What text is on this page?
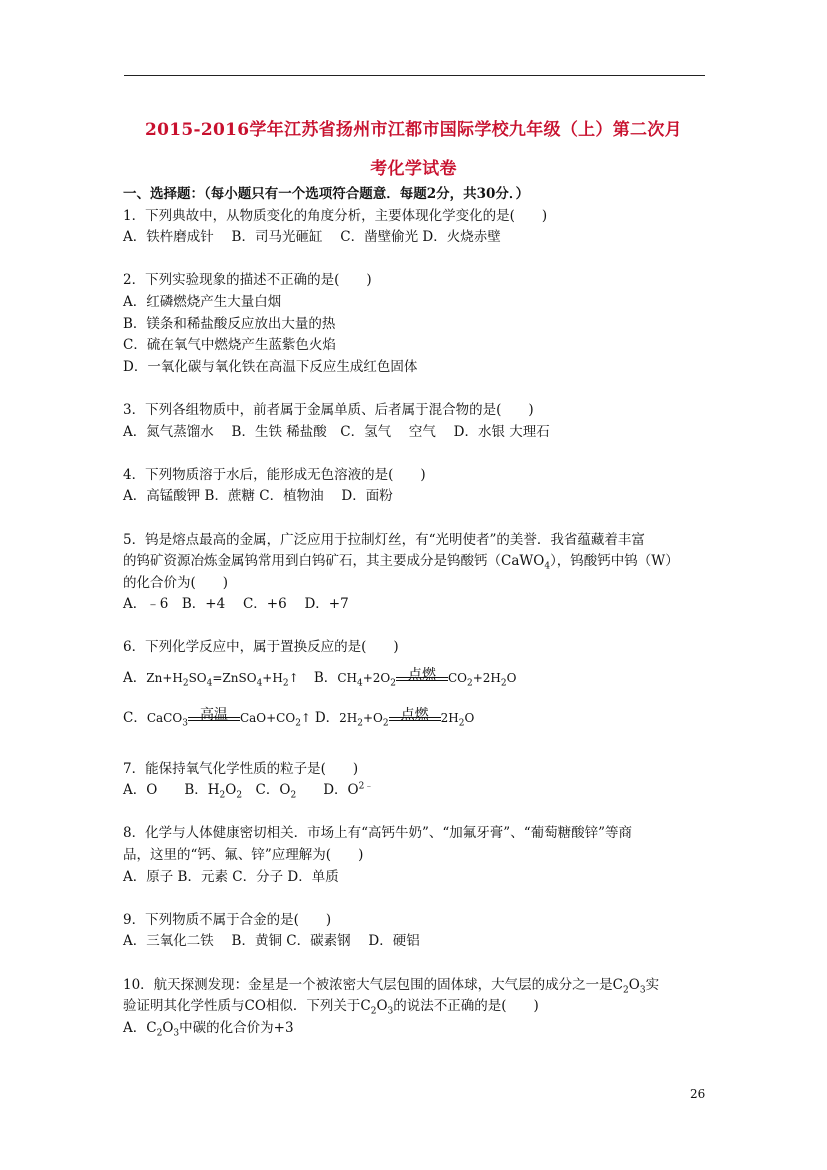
2015-2016学年江苏省扬州市江都市国际学校九年级（上）第二次月
考化学试卷
一、选择题：（每小题只有一个选项符合题意．每题2分，共30分．）
1．下列典故中，从物质变化的角度分析，主要体现化学变化的是(　　)
A．铁杵磨成针　 B．司马光砸缸　 C．凿壁偷光 D．火烧赤壁
2．下列实验现象的描述不正确的是(　　)
A．红磷燃烧产生大量白烟
B．镁条和稀盐酸反应放出大量的热
C．硫在氧气中燃烧产生蓝紫色火焰
D．一氧化碳与氧化铁在高温下反应生成红色固体
3．下列各组物质中，前者属于金属单质、后者属于混合物的是(　　)
A．氮气蒸馏水　 B．生铁 稀盐酸　C．氢气　 空气　 D．水银 大理石
4．下列物质溶于水后，能形成无色溶液的是(　　)
A．高锰酸钾 B．蔗糖 C．植物油　 D．面粉
5．钨是熔点最高的金属，广泛应用于拉制灯丝，有“光明使者”的美誉．我省蕴藏着丰富
的钨矿资源冶炼金属钨常用到白钨矿石，其主要成分是钨酸钙（CaWO$_4$），钨酸钙中钨（W）
的化合价为(　　)
A．﹣6　B．+4　 C．+6　 D．+7
6．下列化学反应中，属于置换反应的是(　　)
A．$Zn+H_2SO_4=ZnSO_4+H_2↑$ B．$CH_4+2O_2$
点燃	$CO_2+2H_2O$
C．CaCO$_3$
高温	$CaO+CO_2↑$ D．$2H_2+O_2$
点燃	$2H_2O$
7．能保持氧气化学性质的粒子是(　　)
A．O　　B．$H_2O_2$　C．$O_2$　　D．$O^{2﹣}$
8．化学与人体健康密切相关．市场上有“高钙牛奶”、“加氟牙膏”、“葡萄糖酸锌”等商
品，这里的“钙、氟、锌”应理解为(　　)
A．原子 B．元素 C．分子 D．单质
9．下列物质不属于合金的是(　　)
A．三氧化二铁　 B．黄铜 C．碳素钢　 D．硬铝
10．航天探测发现：金星是一个被浓密大气层包围的固体球，大气层的成分之一是$C_2O_3$实
验证明其化学性质与CO相似．下列关于$C_2O_3$的说法不正确的是(　　)
A．$C_2O_3$中碳的化合价为+3
26
